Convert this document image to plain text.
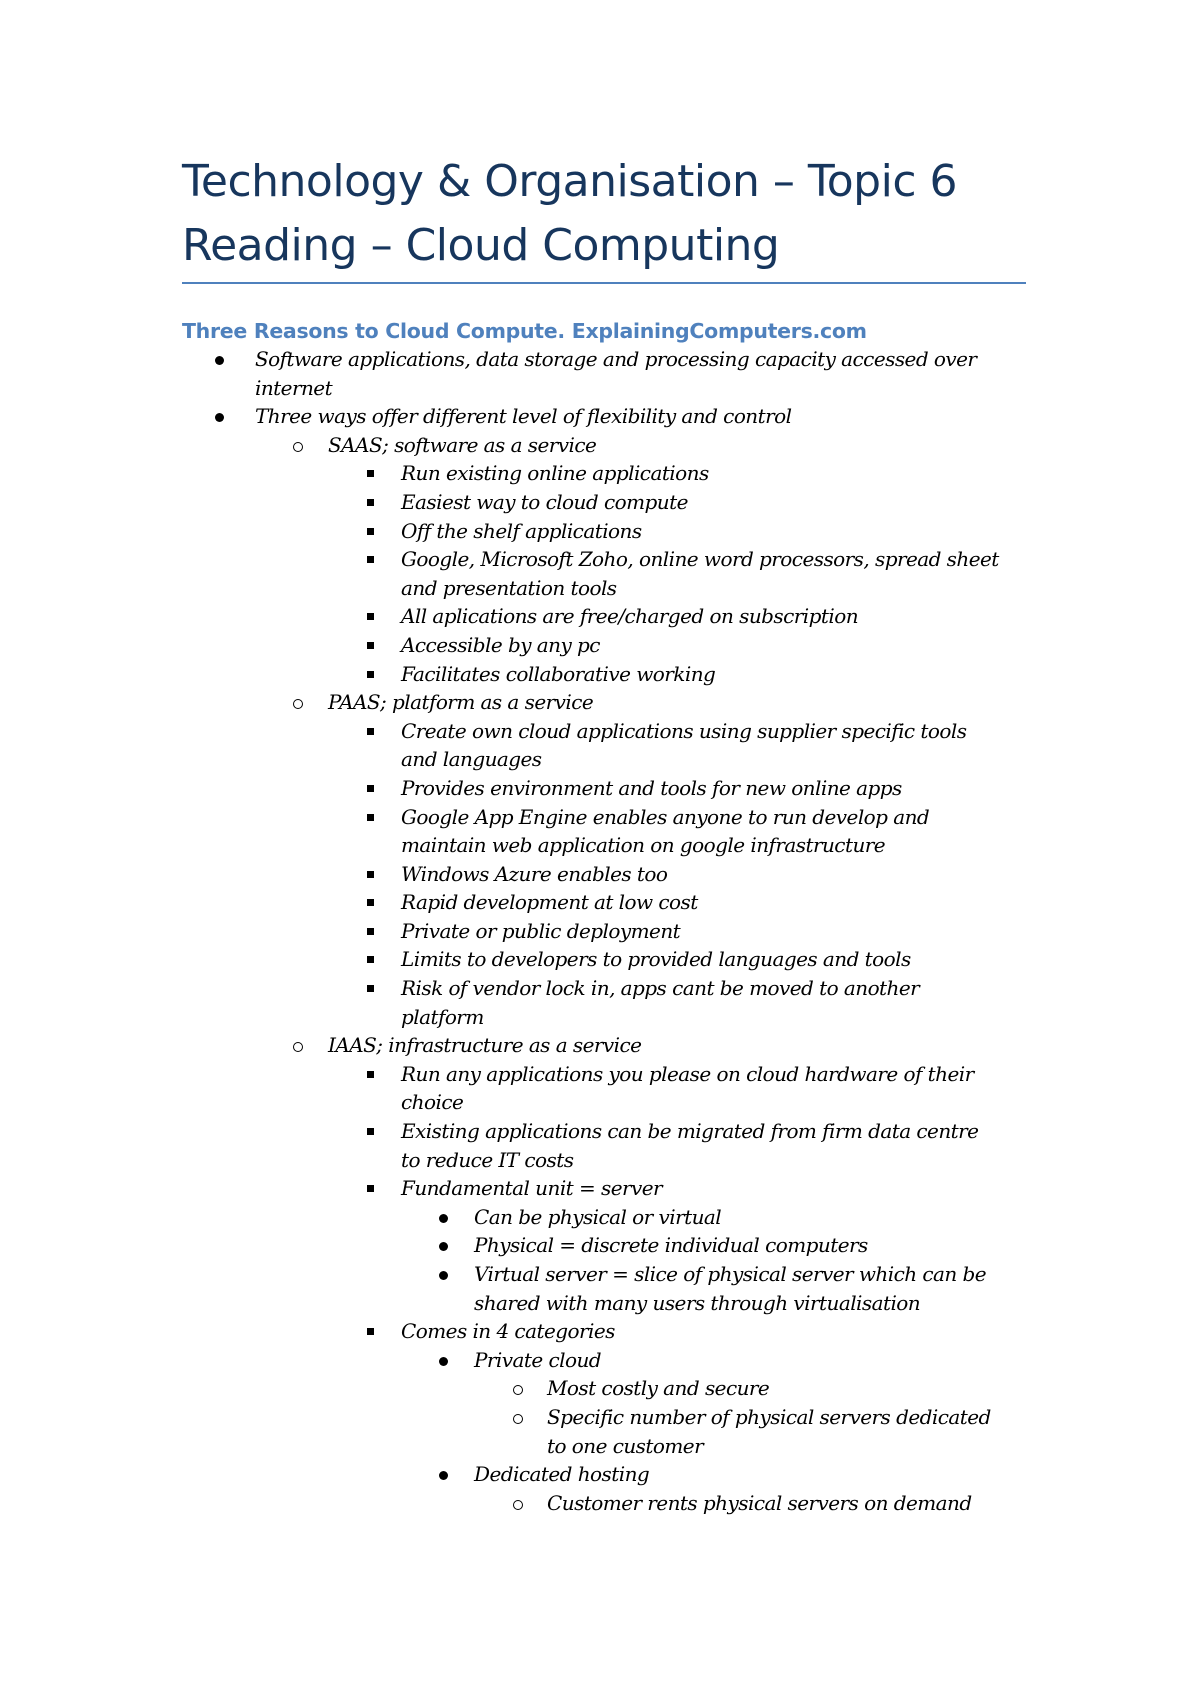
Technology & Organisation – Topic 6
Reading – Cloud Computing
Three Reasons to Cloud Compute. ExplainingComputers.com
Software applications, data storage and processing capacity accessed over
internet
Three ways offer different level of flexibility and control
SAAS; software as a service
Run existing online applications
Easiest way to cloud compute
Off the shelf applications
Google, Microsoft Zoho, online word processors, spread sheet
and presentation tools
All aplications are free/charged on subscription
Accessible by any pc
Facilitates collaborative working
PAAS; platform as a service
Create own cloud applications using supplier specific tools
and languages
Provides environment and tools for new online apps
Google App Engine enables anyone to run develop and
maintain web application on google infrastructure
Windows Azure enables too
Rapid development at low cost
Private or public deployment
Limits to developers to provided languages and tools
Risk of vendor lock in, apps cant be moved to another
platform
IAAS; infrastructure as a service
Run any applications you please on cloud hardware of their
choice
Existing applications can be migrated from firm data centre
to reduce IT costs
Fundamental unit = server
Can be physical or virtual
Physical = discrete individual computers
Virtual server = slice of physical server which can be
shared with many users through virtualisation
Comes in 4 categories
Private cloud
Most costly and secure
Specific number of physical servers dedicated
to one customer
Dedicated hosting
Customer rents physical servers on demand
